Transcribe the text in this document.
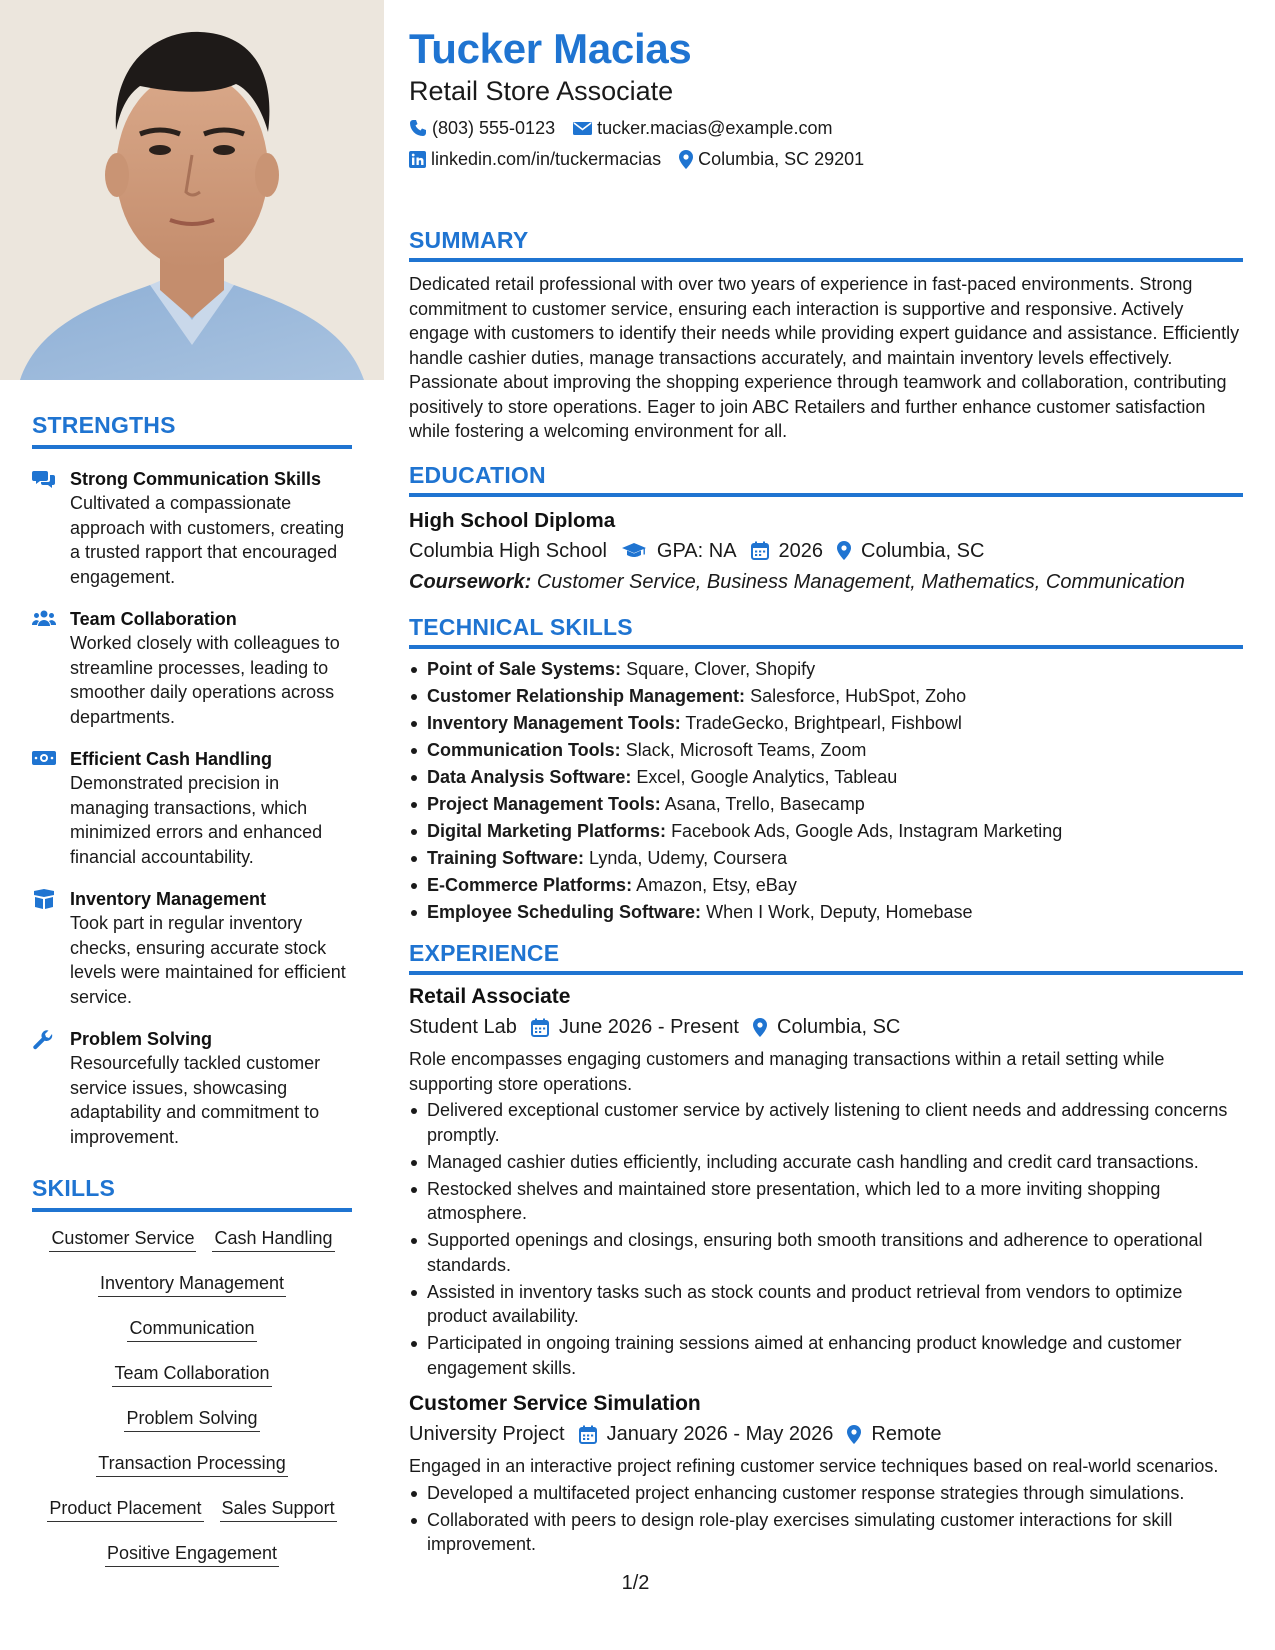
STRENGTHS
Strong Communication Skills
Cultivated a compassionate approach with customers, creating a trusted rapport that encouraged engagement.
Team Collaboration
Worked closely with colleagues to streamline processes, leading to smoother daily operations across departments.
Efficient Cash Handling
Demonstrated precision in managing transactions, which minimized errors and enhanced financial accountability.
Inventory Management
Took part in regular inventory checks, ensuring accurate stock levels were maintained for efficient service.
Problem Solving
Resourcefully tackled customer service issues, showcasing adaptability and commitment to improvement.
SKILLS
Customer Service Cash Handling
Inventory Management
Communication
Team Collaboration
Problem Solving
Transaction Processing
Product Placement Sales Support
Positive Engagement
Tucker Macias
Retail Store Associate
(803) 555-0123 tucker.macias@example.com
linkedin.com/in/tuckermacias Columbia, SC 29201
SUMMARY
Dedicated retail professional with over two years of experience in fast-paced environments. Strong commitment to customer service, ensuring each interaction is supportive and responsive. Actively engage with customers to identify their needs while providing expert guidance and assistance. Efficiently handle cashier duties, manage transactions accurately, and maintain inventory levels effectively. Passionate about improving the shopping experience through teamwork and collaboration, contributing positively to store operations. Eager to join ABC Retailers and further enhance customer satisfaction while fostering a welcoming environment for all.
EDUCATION
High School Diploma
Columbia High School	GPA: NA 2026 Columbia, SC
Coursework: Customer Service, Business Management, Mathematics, Communication
TECHNICAL SKILLS
Point of Sale Systems: Square, Clover, Shopify
Customer Relationship Management: Salesforce, HubSpot, Zoho
Inventory Management Tools: TradeGecko, Brightpearl, Fishbowl
Communication Tools: Slack, Microsoft Teams, Zoom
Data Analysis Software: Excel, Google Analytics, Tableau
Project Management Tools: Asana, Trello, Basecamp
Digital Marketing Platforms: Facebook Ads, Google Ads, Instagram Marketing
Training Software: Lynda, Udemy, Coursera
E-Commerce Platforms: Amazon, Etsy, eBay
Employee Scheduling Software: When I Work, Deputy, Homebase
EXPERIENCE
Retail Associate
Student Lab June 2026 - Present Columbia, SC
Role encompasses engaging customers and managing transactions within a retail setting while supporting store operations.
Delivered exceptional customer service by actively listening to client needs and addressing concerns promptly.
Managed cashier duties efficiently, including accurate cash handling and credit card transactions.
Restocked shelves and maintained store presentation, which led to a more inviting shopping atmosphere.
Supported openings and closings, ensuring both smooth transitions and adherence to operational standards.
Assisted in inventory tasks such as stock counts and product retrieval from vendors to optimize product availability.
Participated in ongoing training sessions aimed at enhancing product knowledge and customer engagement skills.
Customer Service Simulation
University Project January 2026 - May 2026 Remote
Engaged in an interactive project refining customer service techniques based on real-world scenarios.
Developed a multifaceted project enhancing customer response strategies through simulations.
Collaborated with peers to design role-play exercises simulating customer interactions for skill improvement.
1/2
